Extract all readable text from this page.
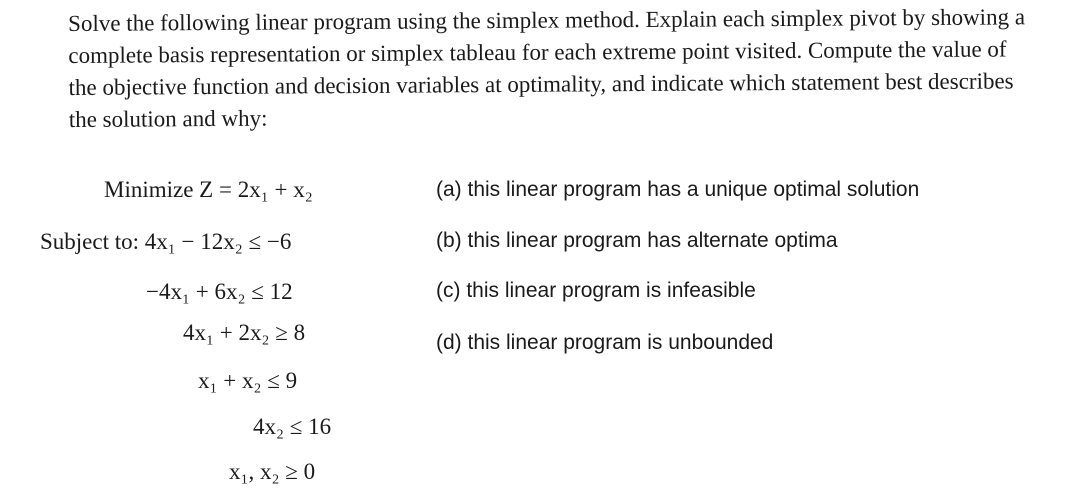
Solve the following linear program using the simplex method. Explain each simplex pivot by showing a complete basis representation or simplex tableau for each extreme point visited. Compute the value of the objective function and decision variables at optimality, and indicate which statement best describes the solution and why:

Minimize Z = 2x₁ + x₂
Subject to: 4x₁ − 12x₂ ≤ −6
−4x₁ + 6x₂ ≤ 12
4x₁ + 2x₂ ≥ 8
x₁ + x₂ ≤ 9
4x₂ ≤ 16
x₁, x₂ ≥ 0
(a) this linear program has a unique optimal solution
(b) this linear program has alternate optima
(c) this linear program is infeasible
(d) this linear program is unbounded
